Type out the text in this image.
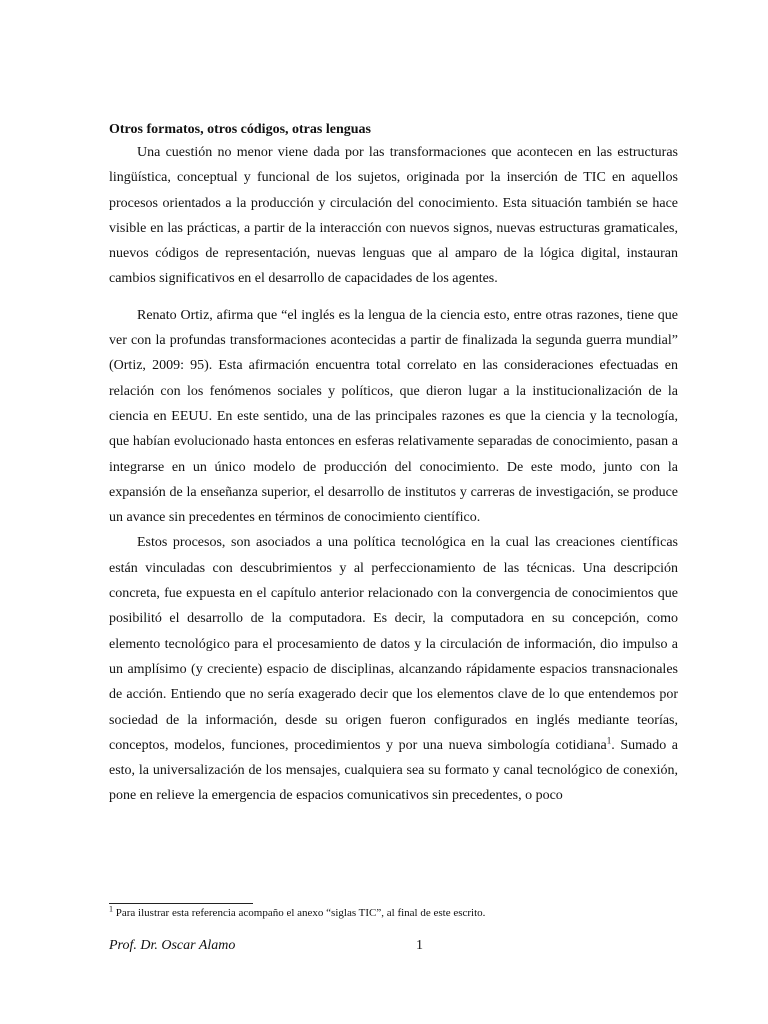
Otros formatos, otros códigos, otras lenguas

Una cuestión no menor viene dada por las transformaciones que acontecen en las estructuras lingüística, conceptual y funcional de los sujetos, originada por la inserción de TIC en aquellos procesos orientados a la producción y circulación del conocimiento. Esta situación también se hace visible en las prácticas, a partir de la interacción con nuevos signos, nuevas estructuras gramaticales, nuevos códigos de representación, nuevas lenguas que al amparo de la lógica digital, instauran cambios significativos en el desarrollo de capacidades de los agentes.

Renato Ortiz, afirma que “el inglés es la lengua de la ciencia esto, entre otras razones, tiene que ver con la profundas transformaciones acontecidas a partir de finalizada la segunda guerra mundial” (Ortiz, 2009: 95). Esta afirmación encuentra total correlato en las consideraciones efectuadas en relación con los fenómenos sociales y políticos, que dieron lugar a la institucionalización de la ciencia en EEUU. En este sentido, una de las principales razones es que la ciencia y la tecnología, que habían evolucionado hasta entonces en esferas relativamente separadas de conocimiento, pasan a integrarse en un único modelo de producción del conocimiento. De este modo, junto con la expansión de la enseñanza superior, el desarrollo de institutos y carreras de investigación, se produce un avance sin precedentes en términos de conocimiento científico.

Estos procesos, son asociados a una política tecnológica en la cual las creaciones científicas están vinculadas con descubrimientos y al perfeccionamiento de las técnicas. Una descripción concreta, fue expuesta en el capítulo anterior relacionado con la convergencia de conocimientos que posibilitó el desarrollo de la computadora. Es decir, la computadora en su concepción, como elemento tecnológico para el procesamiento de datos y la circulación de información, dio impulso a un amplísimo (y creciente) espacio de disciplinas, alcanzando rápidamente espacios transnacionales de acción. Entiendo que no sería exagerado decir que los elementos clave de lo que entendemos por sociedad de la información, desde su origen fueron configurados en inglés mediante teorías, conceptos, modelos, funciones, procedimientos y por una nueva simbología cotidiana$^1$. Sumado a esto, la universalización de los mensajes, cualquiera sea su formato y canal tecnológico de conexión, pone en relieve la emergencia de espacios comunicativos sin precedentes, o poco

$^1$ Para ilustrar esta referencia acompaño el anexo “siglas TIC”, al final de este escrito.
Prof. Dr. Oscar Alamo	1
